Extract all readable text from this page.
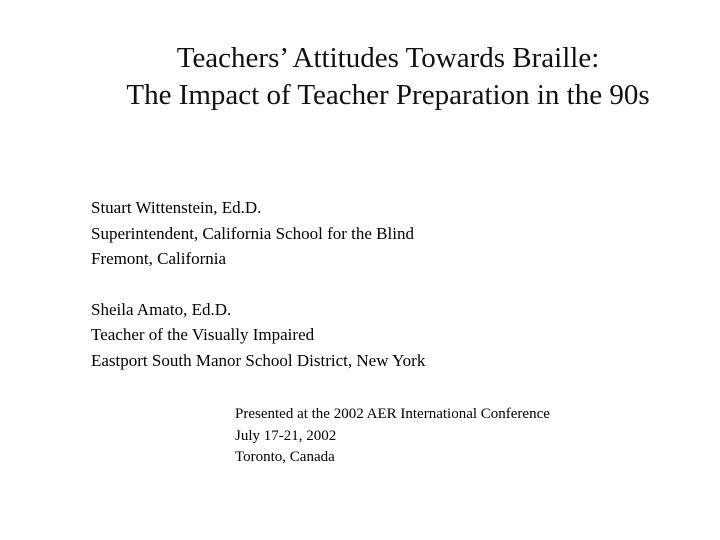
Teachers’ Attitudes Towards Braille:
The Impact of Teacher Preparation in the 90s
Stuart Wittenstein, Ed.D.
Superintendent, California School for the Blind
Fremont, California
Sheila Amato, Ed.D.
Teacher of the Visually Impaired
Eastport South Manor School District, New York
Presented at the 2002 AER International Conference
July 17-21, 2002
Toronto, Canada
